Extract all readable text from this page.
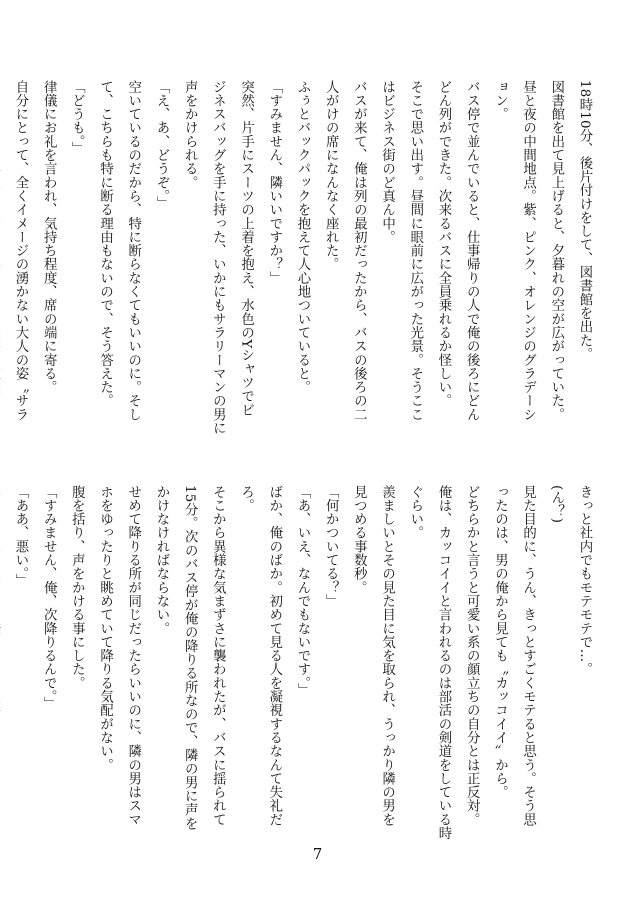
18時10分、後片付けをして、図書館を出た。
図書館を出て見上げると、夕暮れの空が広がっていた。
昼と夜の中間地点。紫、ピンク、オレンジのグラデーシ
ョン。
バス停で並んでいると、仕事帰りの人で俺の後ろにどん
どん列ができた。次来るバスに全員乗れるか怪しい。
そこで思い出す。昼間に眼前に広がった光景。そうここ
はビジネス街のど真ん中。
バスが来て、俺は列の最初だったから、バスの後ろの二
人がけの席になんなく座れた。
ふぅとバックパックを抱えて人心地ついていると。
「すみません、隣いいですか？」
突然、片手にスーツの上着を抱え、水色のYシャツでビ
ジネスバッグを手に持った、いかにもサラリーマンの男に
声をかけられる。
「え、あ、どうぞ。」
空いているのだから、特に断らなくてもいいのに。そし
て、こちらも特に断る理由もないので、そう答えた。
「どうも。」
律儀にお礼を言われ、気持ち程度、席の端に寄る。
自分にとって、全くイメージの湧かない大人の姿〝サラ
きっと社内でもモテモテで…。
(ん？)
見た目的に、うん、きっとすごくモテると思う。そう思
ったのは、男の俺から見ても〝カッコイイ〟から。
どちらかと言うと可愛い系の顔立ちの自分とは正反対。
俺は、カッコイイと言われるのは部活の剣道をしている時
ぐらい。
羨ましいとその見た目に気を取られ、うっかり隣の男を
見つめる事数秒。
「何かついてる？」
「あ、いえ、なんでもないです。」
ばか、俺のばか。初めて見る人を凝視するなんて失礼だ
ろ。
そこから異様な気まずさに襲われたが、バスに揺られて
15分。次のバス停が俺の降りる所なので、隣の男に声を
かけなければならない。
せめて降りる所が同じだったらいいのに、隣の男はスマ
ホをゆったりと眺めていて降りる気配がない。
腹を括り、声をかける事にした。
「すみません、俺、次降りるんで。」
「ああ、悪い。」
7
